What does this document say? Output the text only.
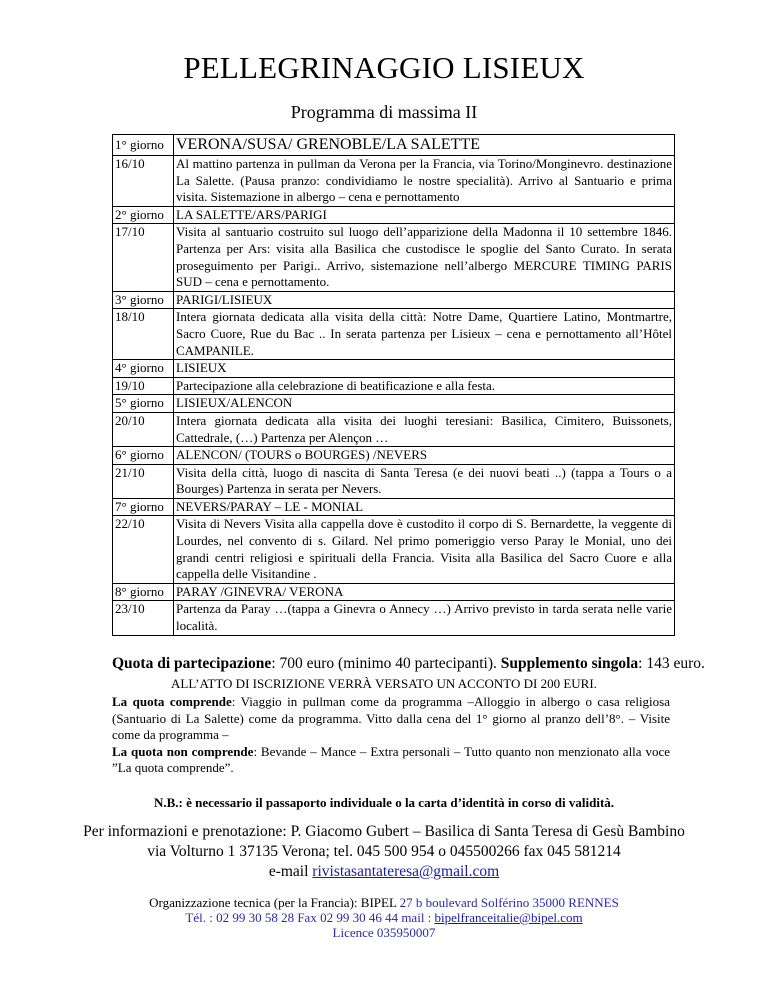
PELLEGRINAGGIO LISIEUX
Programma di massima II
1° giorno	VERONA/SUSA/ GRENOBLE/LA SALETTE
16/10	Al mattino partenza in pullman da Verona per la Francia, via Torino/Monginevro. destinazione La Salette. (Pausa pranzo: condividiamo le nostre specialità). Arrivo al Santuario e prima visita. Sistemazione in albergo – cena e pernottamento
2° giorno	LA SALETTE/ARS/PARIGI
17/10	Visita al santuario costruito sul luogo dell’apparizione della Madonna il 10 settembre 1846. Partenza per Ars: visita alla Basilica che custodisce le spoglie del Santo Curato. In serata proseguimento per Parigi.. Arrivo, sistemazione nell’albergo MERCURE TIMING PARIS SUD – cena e pernottamento.
3° giorno	PARIGI/LISIEUX
18/10	Intera giornata dedicata alla visita della città: Notre Dame, Quartiere Latino, Montmartre, Sacro Cuore, Rue du Bac .. In serata partenza per Lisieux – cena e pernottamento all’Hôtel CAMPANILE.
4° giorno	LISIEUX
19/10	Partecipazione alla celebrazione di beatificazione e alla festa.
5° giorno	LISIEUX/ALENCON
20/10	Intera giornata dedicata alla visita dei luoghi teresiani: Basilica, Cimitero, Buissonets, Cattedrale, (…) Partenza per Alençon …
6° giorno	ALENCON/ (TOURS o BOURGES) /NEVERS
21/10	Visita della città, luogo di nascita di Santa Teresa (e dei nuovi beati ..) (tappa a Tours o a Bourges) Partenza in serata per Nevers.
7° giorno	NEVERS/PARAY – LE - MONIAL
22/10	Visita di Nevers Visita alla cappella dove è custodito il corpo di S. Bernardette, la veggente di Lourdes, nel convento di s. Gilard. Nel primo pomeriggio verso Paray le Monial, uno dei grandi centri religiosi e spirituali della Francia. Visita alla Basilica del Sacro Cuore e alla cappella delle Visitandine .
8° giorno	PARAY /GINEVRA/ VERONA
23/10	Partenza da Paray …(tappa a Ginevra o Annecy …) Arrivo previsto in tarda serata nelle varie località.
Quota di partecipazione: 700 euro (minimo 40 partecipanti). Supplemento singola: 143 euro.
ALL’ATTO DI ISCRIZIONE VERRÀ VERSATO UN ACCONTO DI 200 EURI.

La quota comprende: Viaggio in pullman come da programma –Alloggio in albergo o casa religiosa (Santuario di La Salette) come da programma. Vitto dalla cena del 1° giorno al pranzo dell’8°. – Visite come da programma –

La quota non comprende: Bevande – Mance – Extra personali – Tutto quanto non menzionato alla voce ”La quota comprende”.

N.B.: è necessario il passaporto individuale o la carta d’identità in corso di validità.
Per informazioni e prenotazione: P. Giacomo Gubert – Basilica di Santa Teresa di Gesù Bambino
via Volturno 1 37135 Verona; tel. 045 500 954 o 045500266 fax 045 581214
e-mail rivistasantateresa@gmail.com
Organizzazione tecnica (per la Francia): BIPEL 27 b boulevard Solférino 35000 RENNES
Tél. : 02 99 30 58 28 Fax 02 99 30 46 44 mail : bipelfranceitalie@bipel.com
Licence 035950007
